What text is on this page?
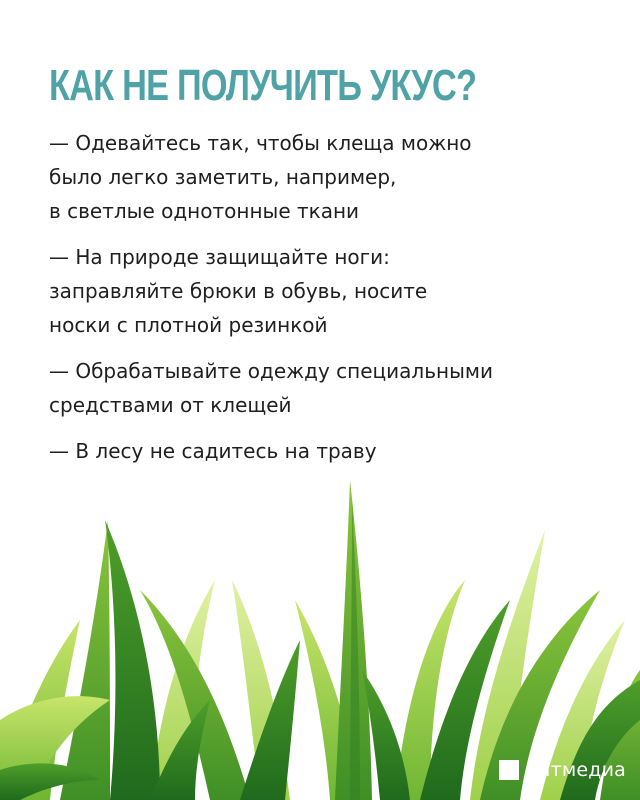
КАК НЕ ПОЛУЧИТЬ УКУС?
— Одевайтесь так, чтобы клеща можно
было легко заметить, например,
в светлые однотонные ткани
— На природе защищайте ноги:
заправляйте брюки в обувь, носите
носки с плотной резинкой
— Обрабатывайте одежду специальными
средствами от клещей
— В лесу не садитесь на траву
татмедиа
